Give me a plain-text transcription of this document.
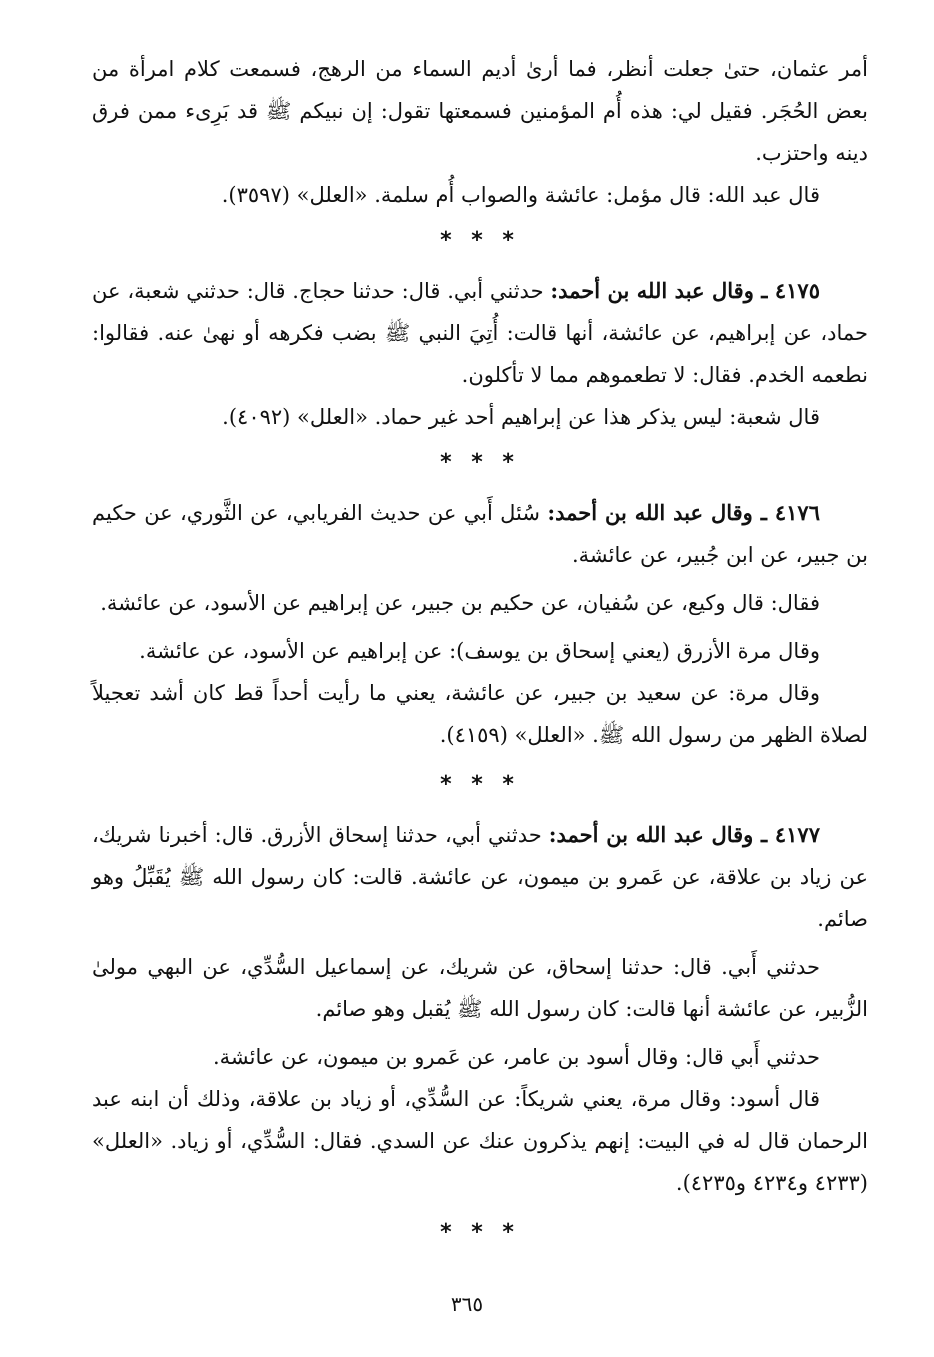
أمر عثمان، حتىٰ جعلت أنظر، فما أرىٰ أديم السماء من الرهج، فسمعت كلام امرأة من بعض الحُجَر. فقيل لي: هذه أُم المؤمنين فسمعتها تقول: إن نبيكم ﷺ قد بَرِىء ممن فرق دينه واحتزب.
قال عبد الله: قال مؤمل: عائشة والصواب أُم سلمة. «العلل» (٣٥٩٧).
* * *
٤١٧٥ ـ وقال عبد الله بن أحمد: حدثني أبي. قال: حدثنا حجاج. قال: حدثني شعبة، عن حماد، عن إبراهيم، عن عائشة، أنها قالت: أُتِيَ النبي ﷺ بضب فكرهه أو نهىٰ عنه. فقالوا: نطعمه الخدم. فقال: لا تطعموهم مما لا تأكلون.
قال شعبة: ليس يذكر هذا عن إبراهيم أحد غير حماد. «العلل» (٤٠٩٢).
* * *
٤١٧٦ ـ وقال عبد الله بن أحمد: سُئل أَبي عن حديث الفريابي، عن الثَّوري، عن حكيم بن جبير، عن ابن جُبير، عن عائشة.
فقال: قال وكيع، عن سُفيان، عن حكيم بن جبير، عن إبراهيم عن الأسود، عن عائشة.
وقال مرة الأزرق (يعني إسحاق بن يوسف): عن إبراهيم عن الأسود، عن عائشة.
وقال مرة: عن سعيد بن جبير، عن عائشة، يعني ما رأيت أحداً قط كان أشد تعجيلاً لصلاة الظهر من رسول الله ﷺ. «العلل» (٤١٥٩).
* * *
٤١٧٧ ـ وقال عبد الله بن أحمد: حدثني أبي، حدثنا إسحاق الأزرق. قال: أخبرنا شريك، عن زياد بن علاقة، عن عَمرو بن ميمون، عن عائشة. قالت: كان رسول الله ﷺ يُقَبِّلُ وهو صائم.
حدثني أَبي. قال: حدثنا إسحاق، عن شريك، عن إسماعيل السُّدِّي، عن البهي مولىٰ الزُّبير، عن عائشة أنها قالت: كان رسول الله ﷺ يُقبل وهو صائم.
حدثني أَبي قال: وقال أسود بن عامر، عن عَمرو بن ميمون، عن عائشة.
قال أسود: وقال مرة، يعني شريكاً: عن السُّدِّي، أو زياد بن علاقة، وذلك أن ابنه عبد الرحمان قال له في البيت: إنهم يذكرون عنك عن السدي. فقال: السُّدِّي، أو زياد. «العلل» (٤٢٣٣ و٤٢٣٤ و٤٢٣٥).
* * *
٣٦٥
